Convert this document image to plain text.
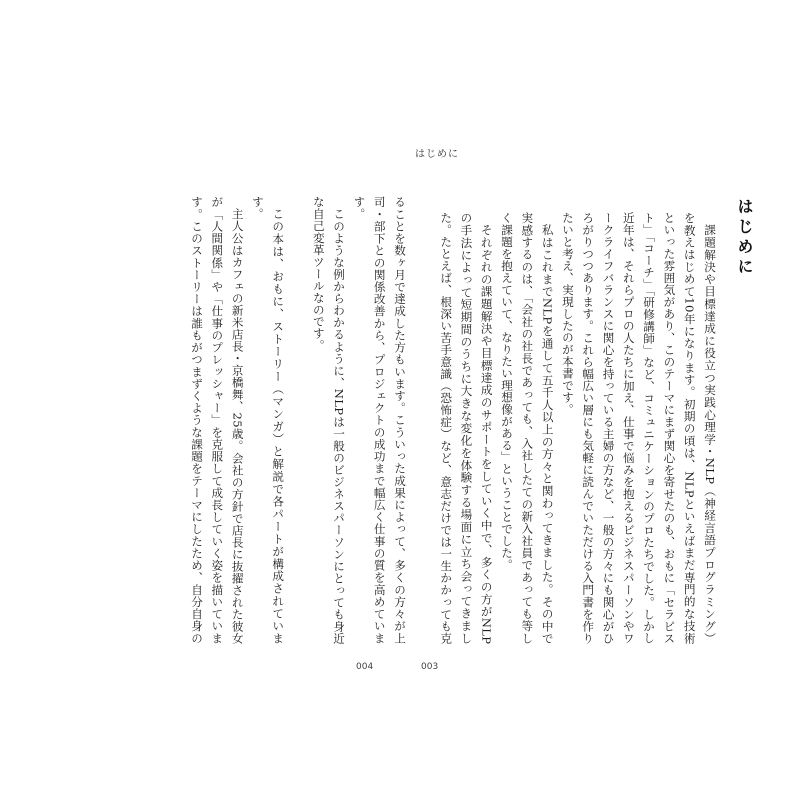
はじめに
はじめに

課題解決や目標達成に役立つ実践心理学・NLP（神経言語プログラミング）を教えはじめて10年になります。初期の頃は、NLPといえばまだ専門的な技術といった雰囲気があり、このテーマにまず関心を寄せたのも、おもに「セラピスト」「コーチ」「研修講師」など、コミュニケーションのプロたちでした。しかし近年は、それらプロの人たちに加え、仕事で悩みを抱えるビジネスパーソンやワークライフバランスに関心を持っている主婦の方など、一般の方々にも関心がひろがりつつあります。これら幅広い層にも気軽に読んでいただける入門書を作りたいと考え、実現したのが本書です。

私はこれまでNLPを通して五千人以上の方々と関わってきました。その中で実感するのは、「会社の社長であっても、入社したての新入社員であっても等しく課題を抱えていて、なりたい理想像がある」ということでした。

それぞれの課題解決や目標達成のサポートをしていく中で、多くの方がNLPの手法によって短期間のうちに大きな変化を体験する場面に立ち会ってきました。たとえば、根深い苦手意識（恐怖症）など、意志だけでは一生かかっても克

ることを数ヶ月で達成した方もいます。こういった成果によって、多くの方々が上司・部下との関係改善から、プロジェクトの成功まで幅広く仕事の質を高めています。

このような例からわかるように、NLPは一般のビジネスパーソンにとっても身近な自己変革ツールなのです。

この本は、おもに、ストーリー（マンガ）と解説で各パートが構成されています。

主人公はカフェの新米店長・京橋舞、25歳。会社の方針で店長に抜擢された彼女が「人間関係」や「仕事のプレッシャー」を克服して成長していく姿を描いています。このストーリーは誰もがつまずくような課題をテーマにしたため、自分自身の

004	003
